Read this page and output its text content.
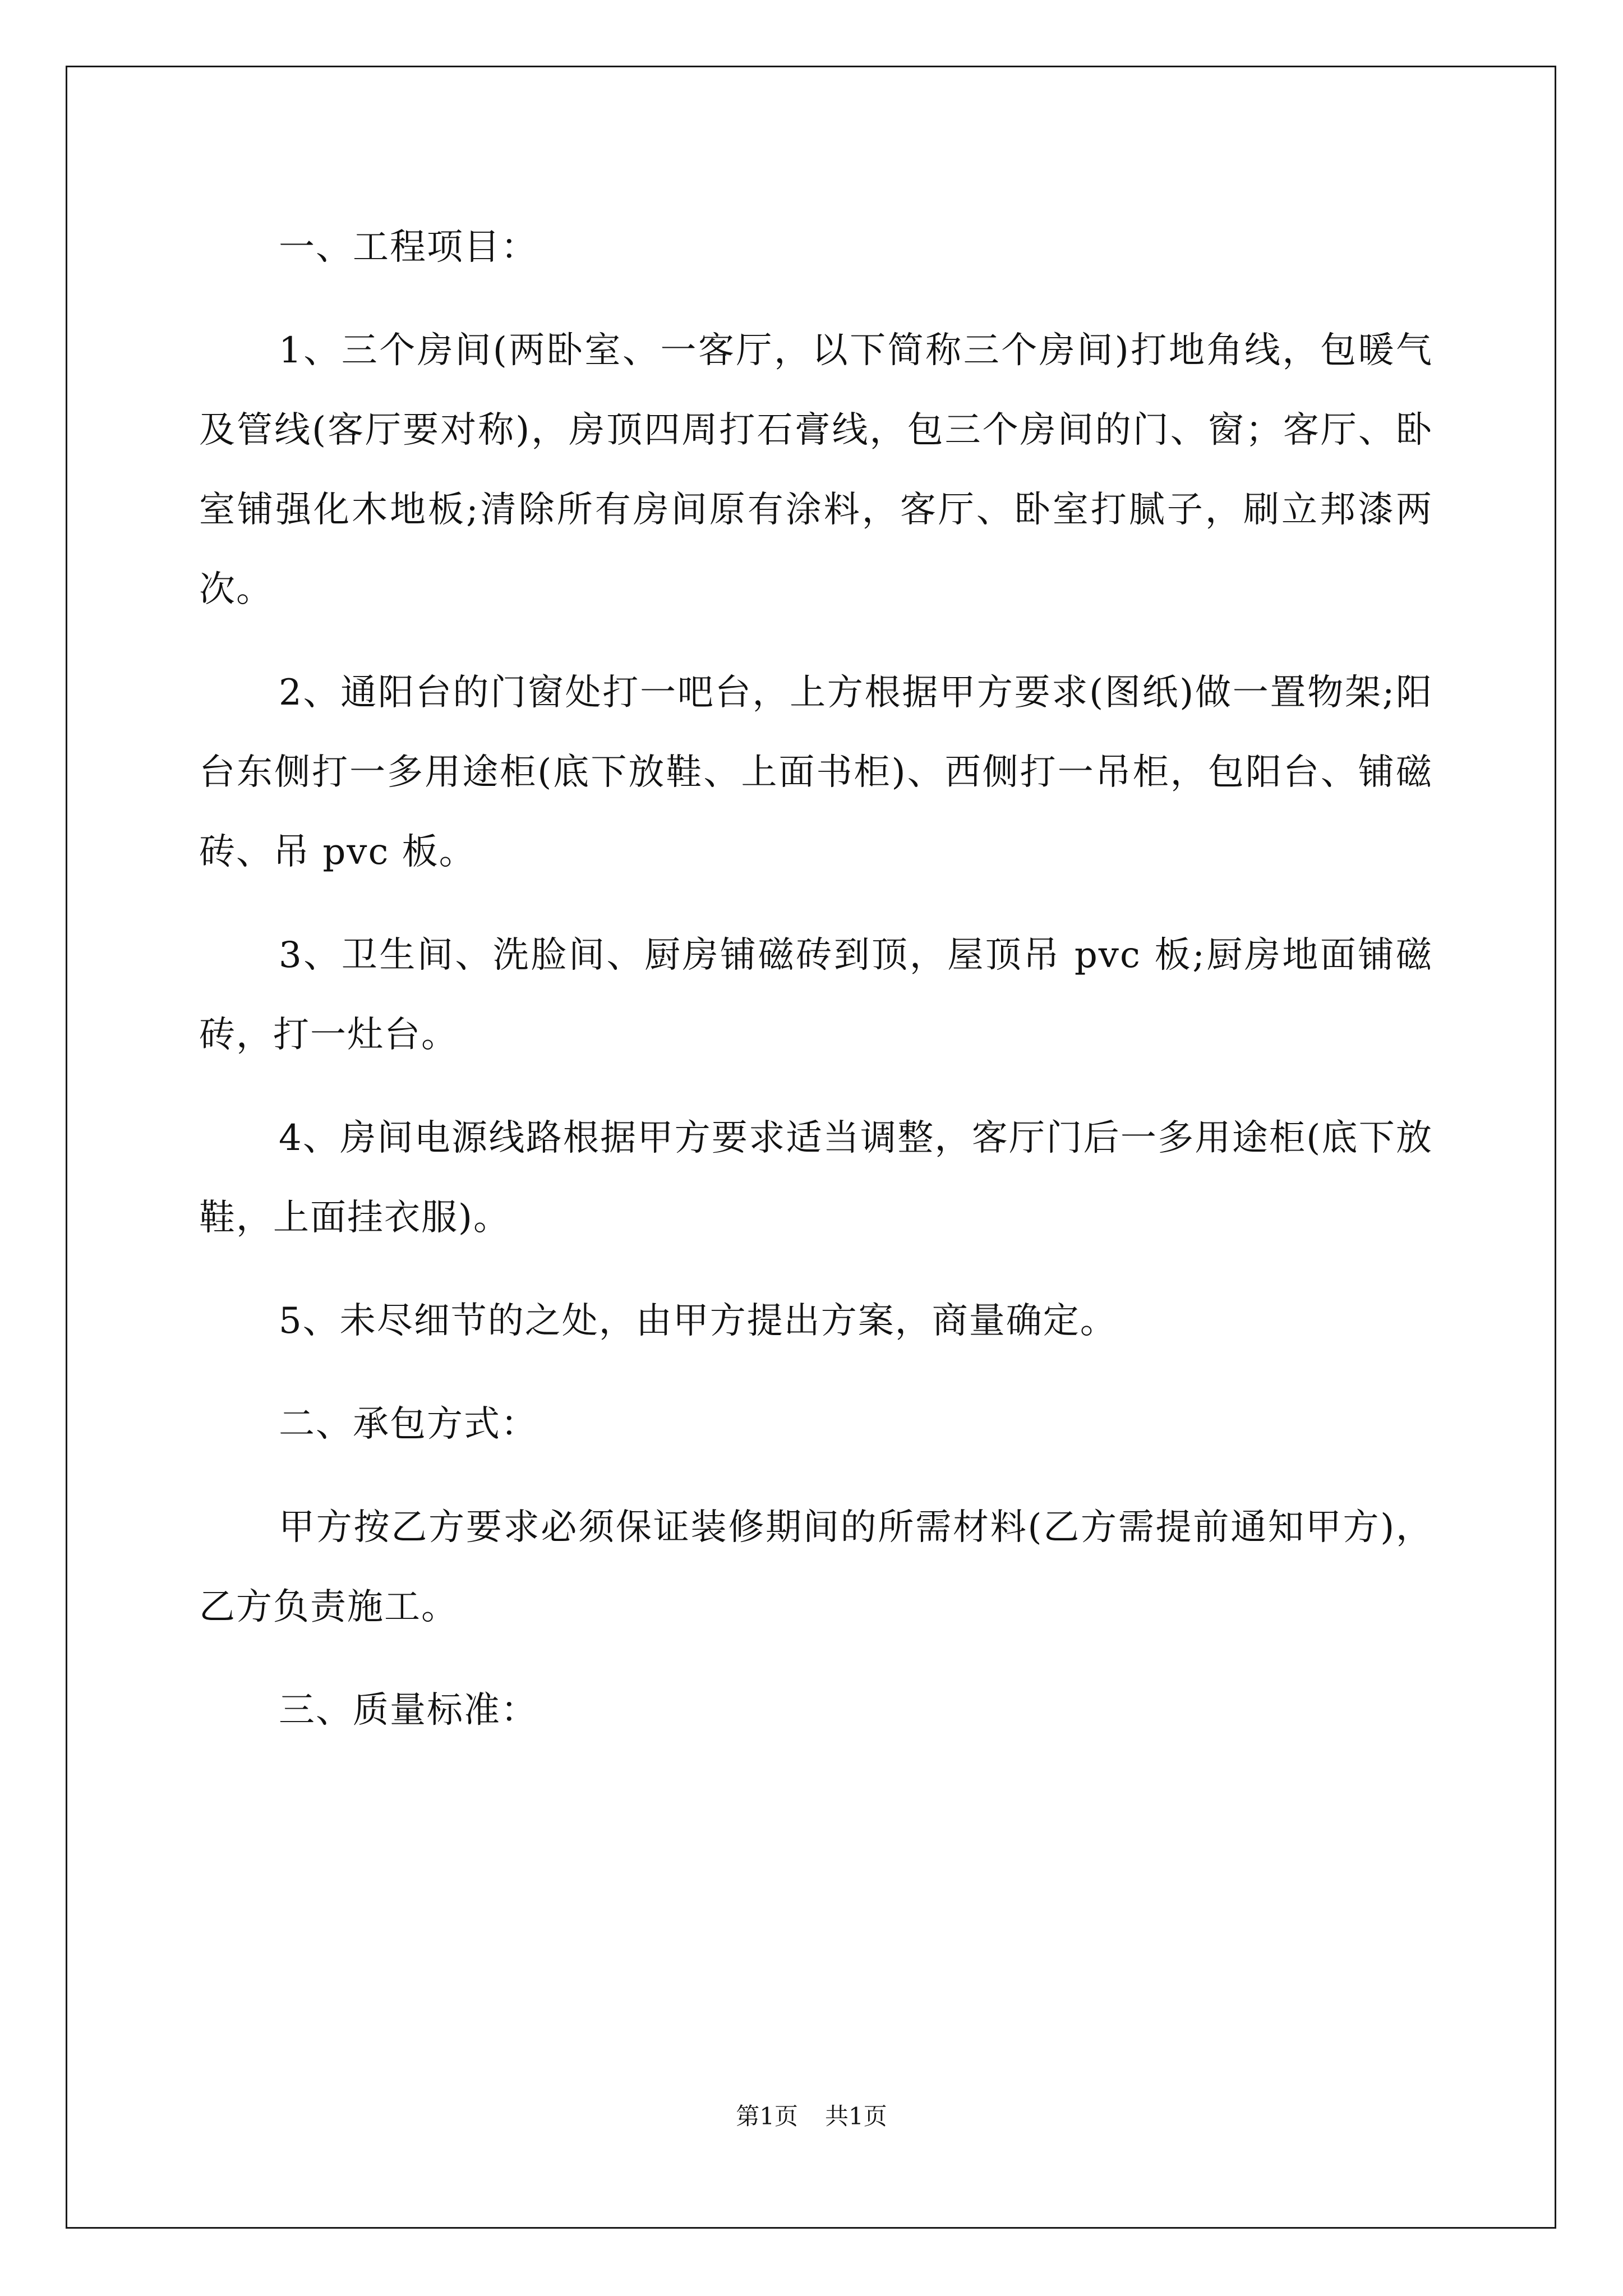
一、工程项目：

1、三个房间(两卧室、一客厅，以下简称三个房间)打地角线，包暖气及管线(客厅要对称)，房顶四周打石膏线，包三个房间的门、窗；客厅、卧室铺强化木地板;清除所有房间原有涂料，客厅、卧室打腻子，刷立邦漆两次。

2、通阳台的门窗处打一吧台，上方根据甲方要求(图纸)做一置物架;阳台东侧打一多用途柜(底下放鞋、上面书柜)、西侧打一吊柜，包阳台、铺磁砖、吊 pvc 板。

3、卫生间、洗脸间、厨房铺磁砖到顶，屋顶吊 pvc 板;厨房地面铺磁砖，打一灶台。

4、房间电源线路根据甲方要求适当调整，客厅门后一多用途柜(底下放鞋，上面挂衣服)。

5、未尽细节的之处，由甲方提出方案，商量确定。

二、承包方式：

甲方按乙方要求必须保证装修期间的所需材料(乙方需提前通知甲方)，乙方负责施工。

三、质量标准：

第1页 共1页
